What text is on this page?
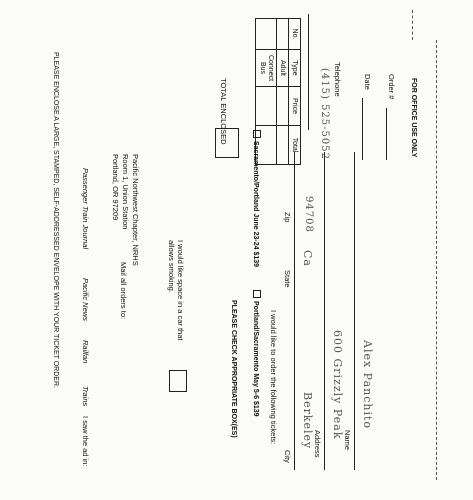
FOR OFFICE USE ONLY
Order #
Date
Alex Panchito
Name
600 Grizzly Peak
Address
Telephone
(415) 525-5052
Berkeley
Ca
94708
City
State
Zip
No.	Type	Price	Total
	Adult		
	Connect Bus		
TOTAL ENCLOSED
I would like to order the following tickets:
Portland/Sacramento May 5-6 $139
Sacramento/Portland June 23-24 $139
PLEASE CHECK APPROPRIATE BOX(ES)
I would like space in a car that allows smoking.
Mail all orders to:
Pacific Northwest Chapter, NRHS
Room 1, Union Station
Portland, OR 97209
I saw the ad in:
Trains
Railfan
Pacific News
Passenger Train Journal
PLEASE ENCLOSE A LARGE, STAMPED, SELF-ADDRESSED ENVELOPE WITH YOUR TICKET ORDER.
